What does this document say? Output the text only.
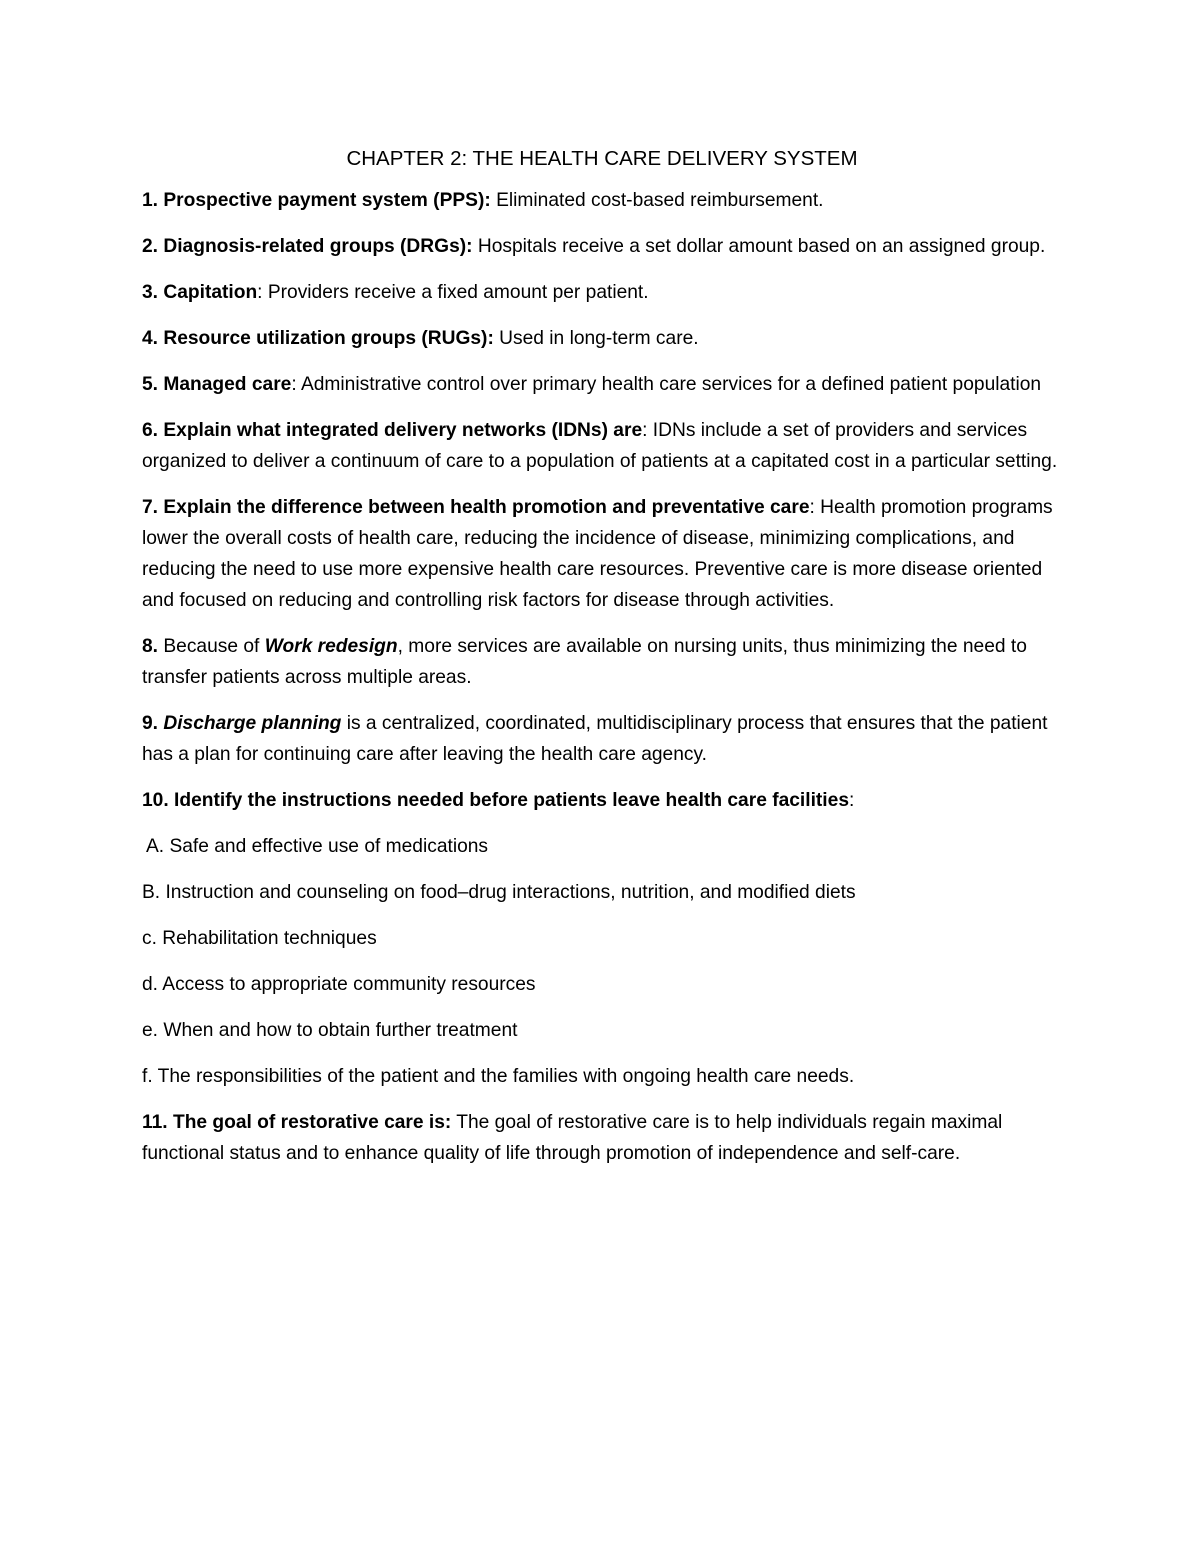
CHAPTER 2: THE HEALTH CARE DELIVERY SYSTEM

1. Prospective payment system (PPS): Eliminated cost-based reimbursement.

2. Diagnosis-related groups (DRGs): Hospitals receive a set dollar amount based on an assigned group.

3. Capitation: Providers receive a fixed amount per patient.

4. Resource utilization groups (RUGs): Used in long-term care.

5. Managed care: Administrative control over primary health care services for a defined patient population

6. Explain what integrated delivery networks (IDNs) are: IDNs include a set of providers and services organized to deliver a continuum of care to a population of patients at a capitated cost in a particular setting.

7. Explain the difference between health promotion and preventative care: Health promotion programs lower the overall costs of health care, reducing the incidence of disease, minimizing complications, and reducing the need to use more expensive health care resources. Preventive care is more disease oriented and focused on reducing and controlling risk factors for disease through activities.

8. Because of Work redesign, more services are available on nursing units, thus minimizing the need to transfer patients across multiple areas.

9. Discharge planning is a centralized, coordinated, multidisciplinary process that ensures that the patient has a plan for continuing care after leaving the health care agency.

10. Identify the instructions needed before patients leave health care facilities:

A. Safe and effective use of medications

B. Instruction and counseling on food–drug interactions, nutrition, and modified diets

c. Rehabilitation techniques

d. Access to appropriate community resources

e. When and how to obtain further treatment

f. The responsibilities of the patient and the families with ongoing health care needs.

11. The goal of restorative care is: The goal of restorative care is to help individuals regain maximal functional status and to enhance quality of life through promotion of independence and self-care.
